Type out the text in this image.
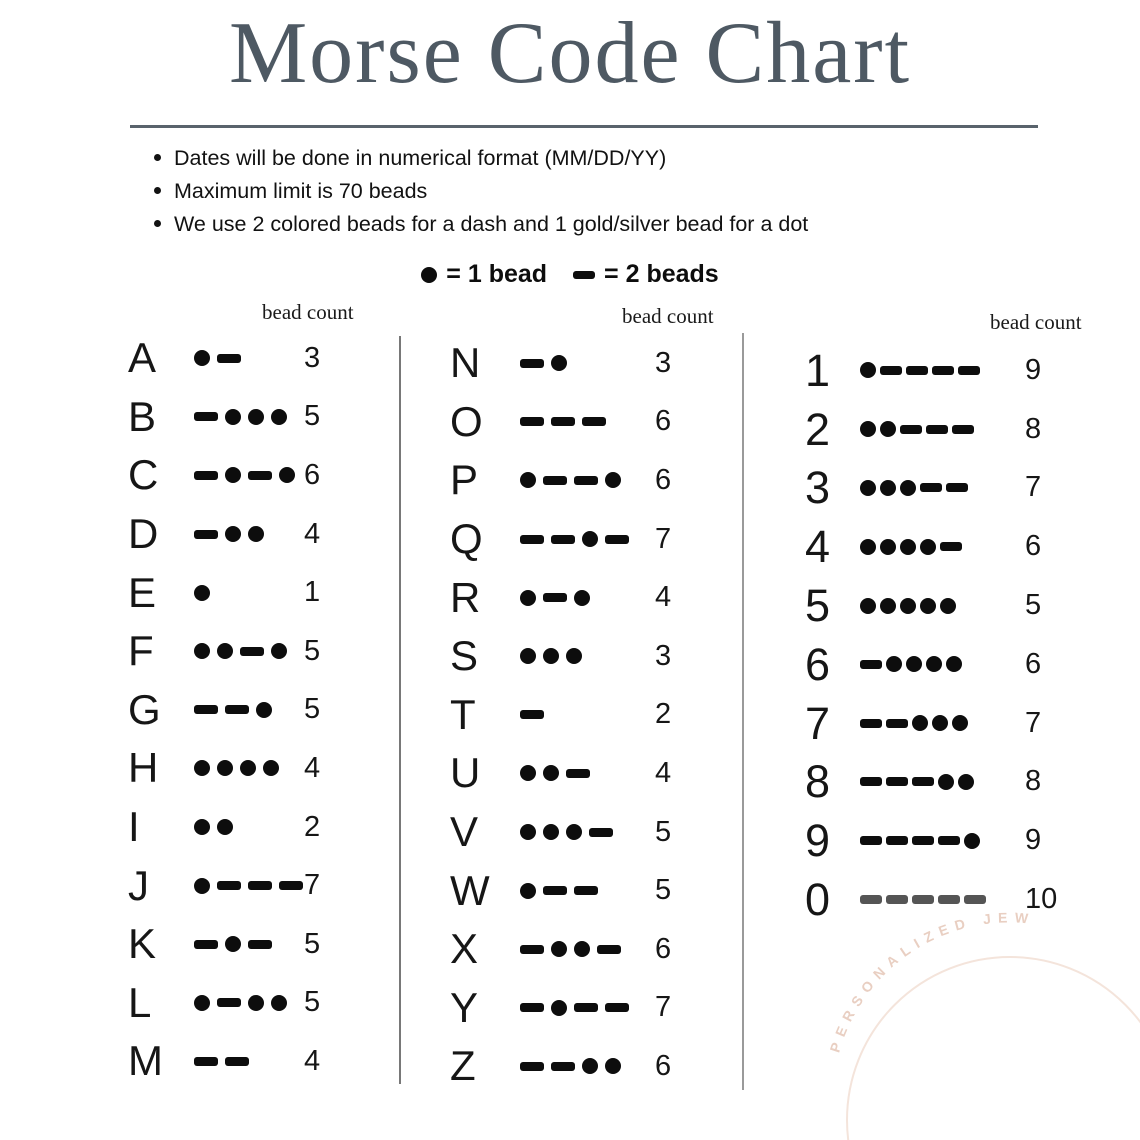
PERSONALIZED JEW
Morse Code Chart
Dates will be done in numerical format (MM/DD/YY)
Maximum limit is 70 beads
We use 2 colored beads for a dash and 1 gold/silver bead for a dot
= 1 bead = 2 beads
bead count
A	3
B	5
C	6
D	4
E	1
F	5
G	5
H	4
I	2
J	7
K	5
L	5
M	4
bead count
N	3
O	6
P	6
Q	7
R	4
S	3
T	2
U	4
V	5
W	5
X	6
Y	7
Z	6
bead count
1	9
2	8
3	7
4	6
5	5
6	6
7	7
8	8
9	9
0	10
